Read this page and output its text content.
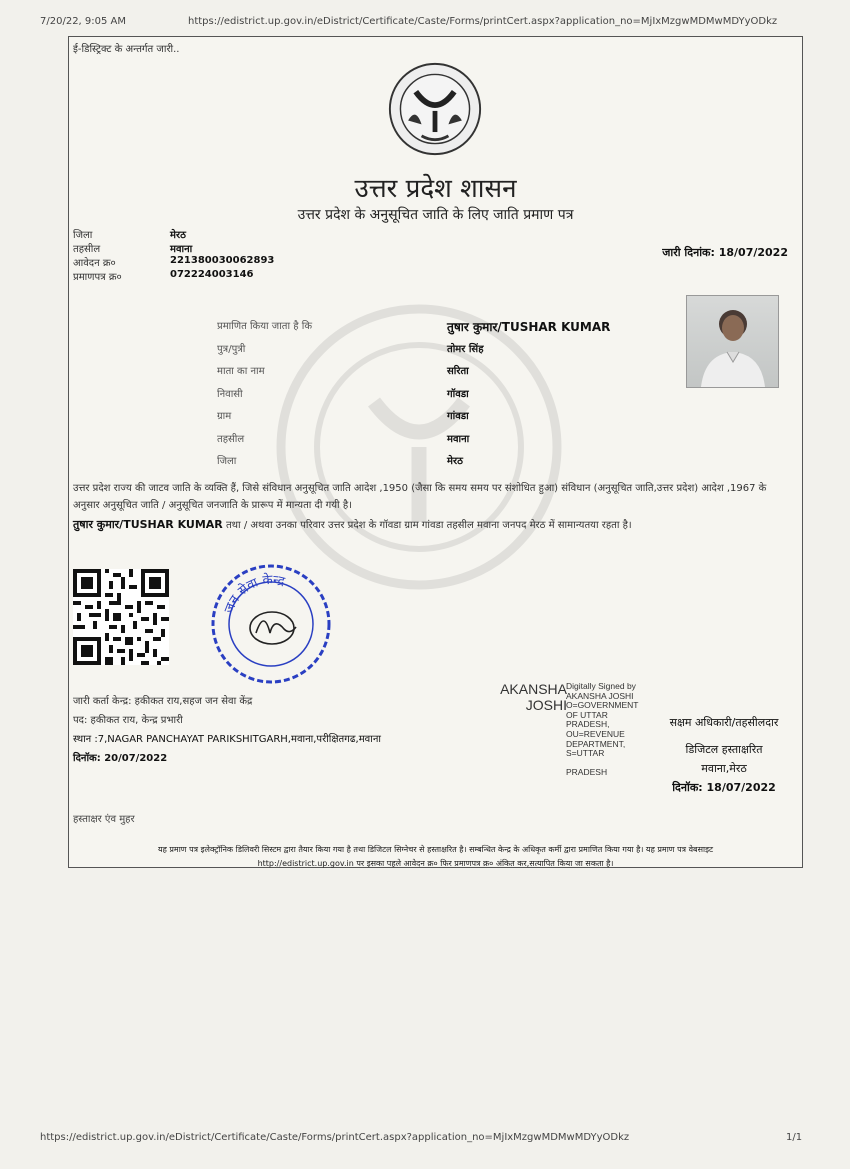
7/20/22, 9:05 AM	https://edistrict.up.gov.in/eDistrict/Certificate/Caste/Forms/printCert.aspx?application_no=MjIxMzgwMDMwMDYyODkz
ई-डिस्ट्रिक्ट के अन्तर्गत जारी..
उत्तर प्रदेश शासन
उत्तर प्रदेश के अनुसूचित जाति के लिए जाति प्रमाण पत्र
जिला	मेरठ
तहसील	मवाना
आवेदन क्र०	221380030062893
प्रमाणपत्र क्र०	072224003146
जारी दिनांक: 18/07/2022
प्रमाणित किया जाता है कि	तुषार कुमार/TUSHAR KUMAR
पुत्र/पुत्री	तोमर सिंह
माता का नाम	सरिता
निवासी	गॉवडा
ग्राम	गांवडा
तहसील	मवाना
जिला	मेरठ
उत्तर प्रदेश राज्य की जाटव जाति के व्यक्ति हैं, जिसे संविधान अनुसूचित जाति आदेश ,1950 (जैसा कि समय समय पर संशोधित हुआ) संविधान (अनुसूचित जाति,उत्तर प्रदेश) आदेश ,1967 के अनुसार अनुसूचित जाति / अनुसूचित जनजाति के प्रारूप में मान्यता दी गयी है।
तुषार कुमार/TUSHAR KUMAR तथा / अथवा उनका परिवार उत्तर प्रदेश के गॉवडा ग्राम गांवडा तहसील मवाना जनपद मेरठ में सामान्यतया रहता है।
जन सेवा केन्द्र
जारी कर्ता केन्द्र: हकीकत राय,सहज जन सेवा केंद्र
पद: हकीकत राय, केन्द्र प्रभारी
स्थान :7,NAGAR PANCHAYAT PARIKSHITGARH,मवाना,परीक्षितगढ,मवाना
दिनॉक: 20/07/2022
AKANSHA
JOSHI
Digitally Signed by
AKANSHA JOSHI
O=GOVERNMENT
OF UTTAR
PRADESH,
OU=REVENUE
DEPARTMENT,
S=UTTAR
PRADESH
सक्षम अधिकारी/तहसीलदार
डिजिटल हस्ताक्षरित
मवाना,मेरठ
दिनॉक: 18/07/2022
हस्ताक्षर एंव मुहर
यह प्रमाण पत्र इलेक्ट्रॉनिक डिलिवरी सिस्टम द्वारा तैयार किया गया है तथा डिजिटल सिग्नेचर से हस्ताक्षरित है। सम्बन्धित केन्द्र के अधिकृत कर्मी द्वारा प्रमाणित किया गया है। यह प्रमाण पत्र वेबसाइट
http://edistrict.up.gov.in पर इसका पहले आवेदन क्र० फिर प्रमाणपत्र क्र० अंकित कर,सत्यापित किया जा सकता है।
https://edistrict.up.gov.in/eDistrict/Certificate/Caste/Forms/printCert.aspx?application_no=MjIxMzgwMDMwMDYyODkz	1/1
